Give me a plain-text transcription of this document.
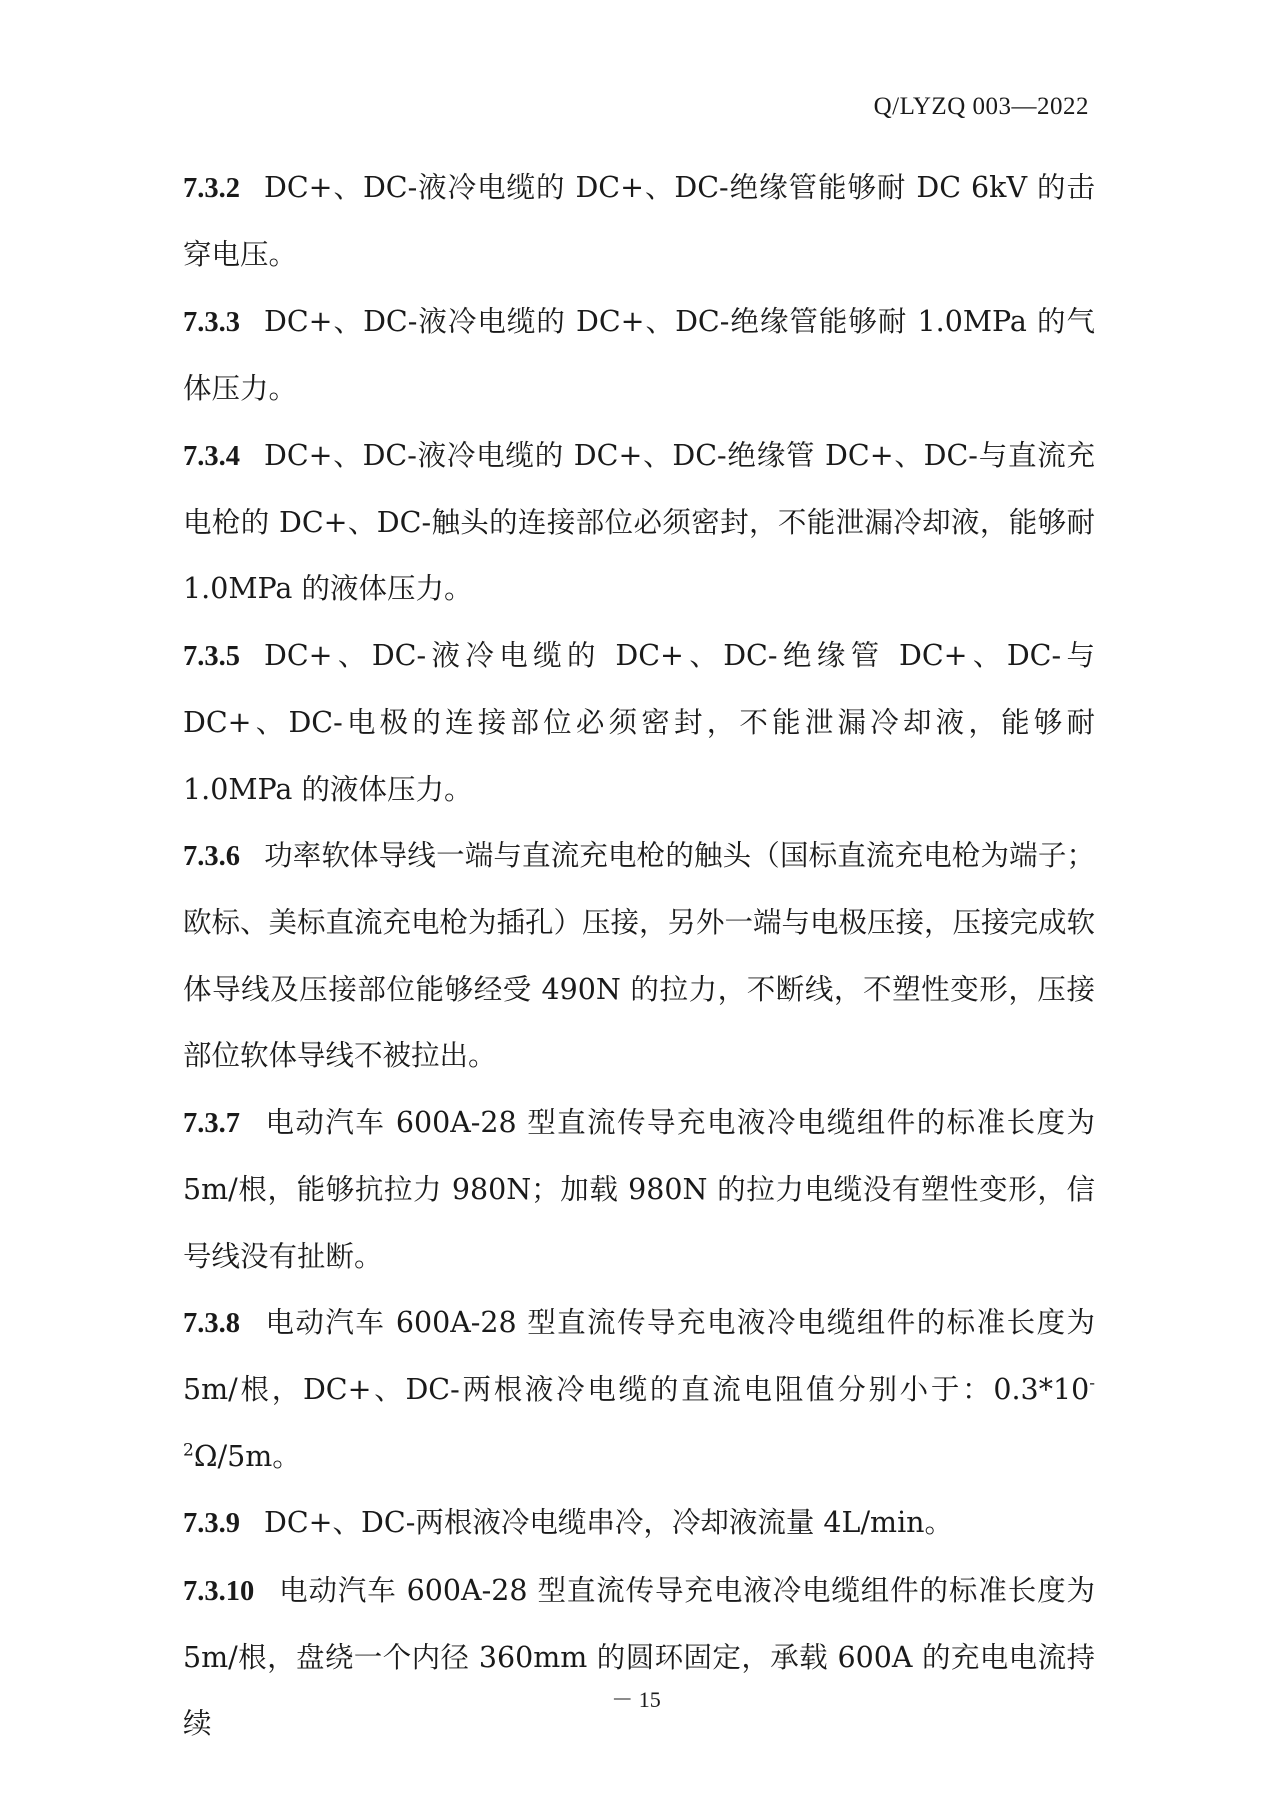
Q/LYZQ 003—2022

7.3.2 DC+、DC-液冷电缆的 DC+、DC-绝缘管能够耐 DC 6kV 的击穿电压。

7.3.3 DC+、DC-液冷电缆的 DC+、DC-绝缘管能够耐 1.0MPa 的气体压力。

7.3.4 DC+、DC-液冷电缆的 DC+、DC-绝缘管 DC+、DC-与直流充电枪的 DC+、DC-触头的连接部位必须密封，不能泄漏冷却液，能够耐 1.0MPa 的液体压力。

7.3.5 DC+、DC-液冷电缆的 DC+、DC-绝缘管 DC+、DC-与 DC+、DC-电极的连接部位必须密封，不能泄漏冷却液，能够耐 1.0MPa 的液体压力。

7.3.6 功率软体导线一端与直流充电枪的触头（国标直流充电枪为端子；欧标、美标直流充电枪为插孔）压接，另外一端与电极压接，压接完成软体导线及压接部位能够经受 490N 的拉力，不断线，不塑性变形，压接部位软体导线不被拉出。

7.3.7 电动汽车 600A-28 型直流传导充电液冷电缆组件的标准长度为 5m/根，能够抗拉力 980N；加载 980N 的拉力电缆没有塑性变形，信号线没有扯断。

7.3.8 电动汽车 600A-28 型直流传导充电液冷电缆组件的标准长度为 5m/根，DC+、DC-两根液冷电缆的直流电阻值分别小于：$0.3*10^{-2}\Omega/5m$。

7.3.9 DC+、DC-两根液冷电缆串冷，冷却液流量 4L/min。

7.3.10 电动汽车 600A-28 型直流传导充电液冷电缆组件的标准长度为 5m/根，盘绕一个内径 360mm 的圆环固定，承载 600A 的充电电流持续

－ 15
